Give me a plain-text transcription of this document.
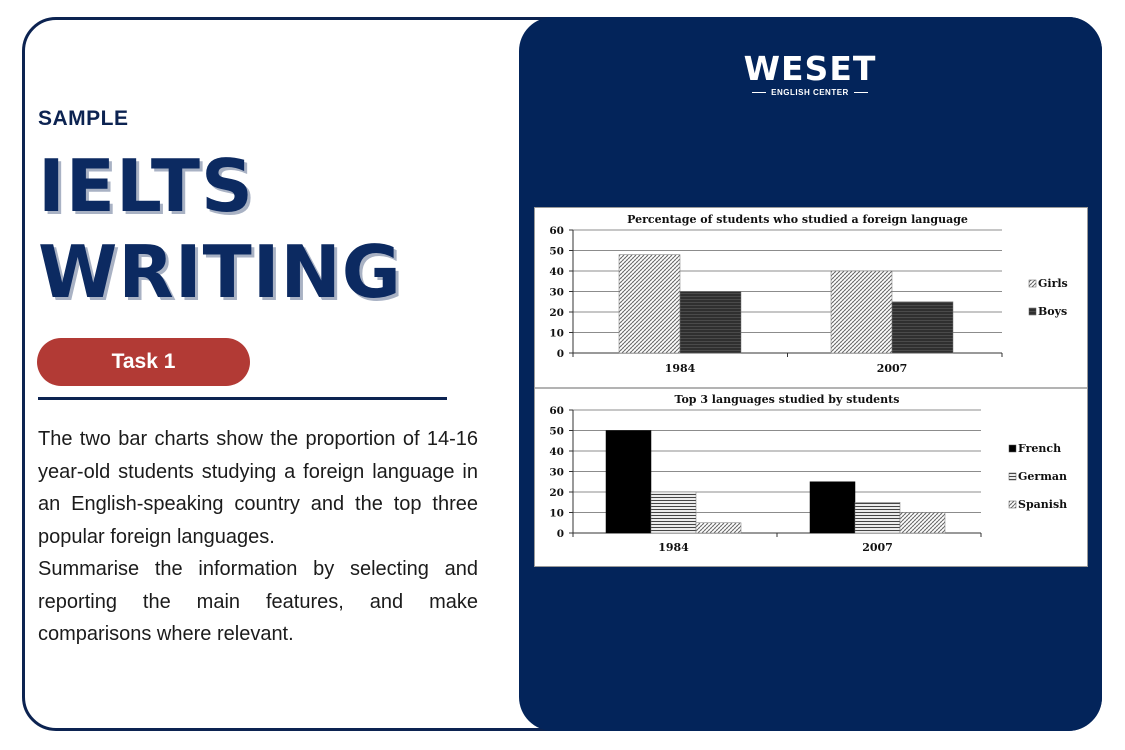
SAMPLE
IELTS
WRITING
Task 1

The two bar charts show the proportion of 14-16 year-old students studying a foreign language in an English-speaking country and the top three popular foreign languages.

Summarise the information by selecting and reporting the main features, and make comparisons where relevant.

WESET
ENGLISH CENTER
Percentage of students who studied a foreign language
0
10
20
30
40
50
60
1984	2007
Girls
Boys
Top 3 languages studied by students
0
10
20
30
40
50
60
1984	2007
French
German
Spanish
